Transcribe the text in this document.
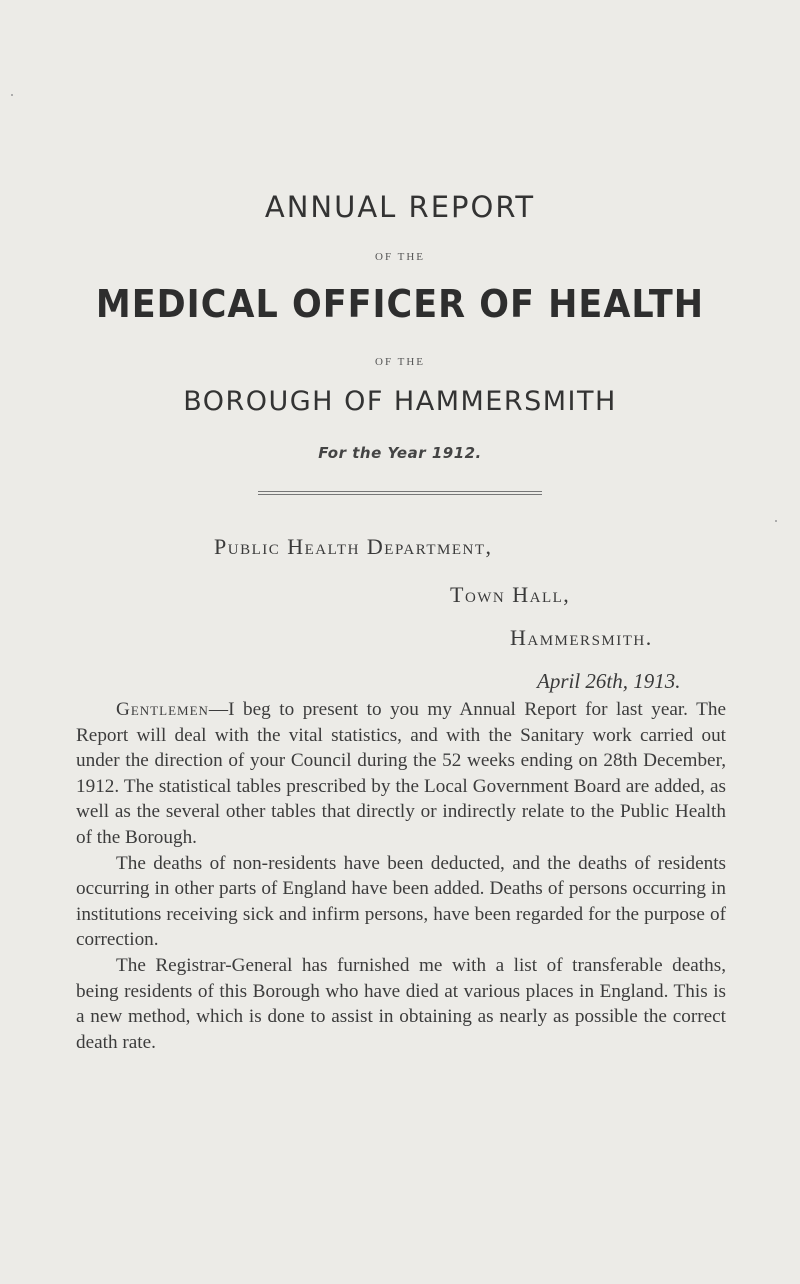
ANNUAL REPORT
OF THE
MEDICAL OFFICER OF HEALTH
OF THE
BOROUGH OF HAMMERSMITH
For the Year 1912.
Public Health Department,
Town Hall,
Hammersmith.
April 26th, 1913.

Gentlemen—I beg to present to you my Annual Report for last year. The Report will deal with the vital statistics, and with the Sanitary work carried out under the direction of your Council during the 52 weeks ending on 28th December, 1912. The statistical tables prescribed by the Local Government Board are added, as well as the several other tables that directly or indirectly relate to the Public Health of the Borough.

The deaths of non-residents have been deducted, and the deaths of residents occurring in other parts of England have been added. Deaths of persons occurring in institutions receiving sick and infirm persons, have been regarded for the purpose of correction.

The Registrar-General has furnished me with a list of transferable deaths, being residents of this Borough who have died at various places in England. This is a new method, which is done to assist in obtaining as nearly as possible the correct death rate.
